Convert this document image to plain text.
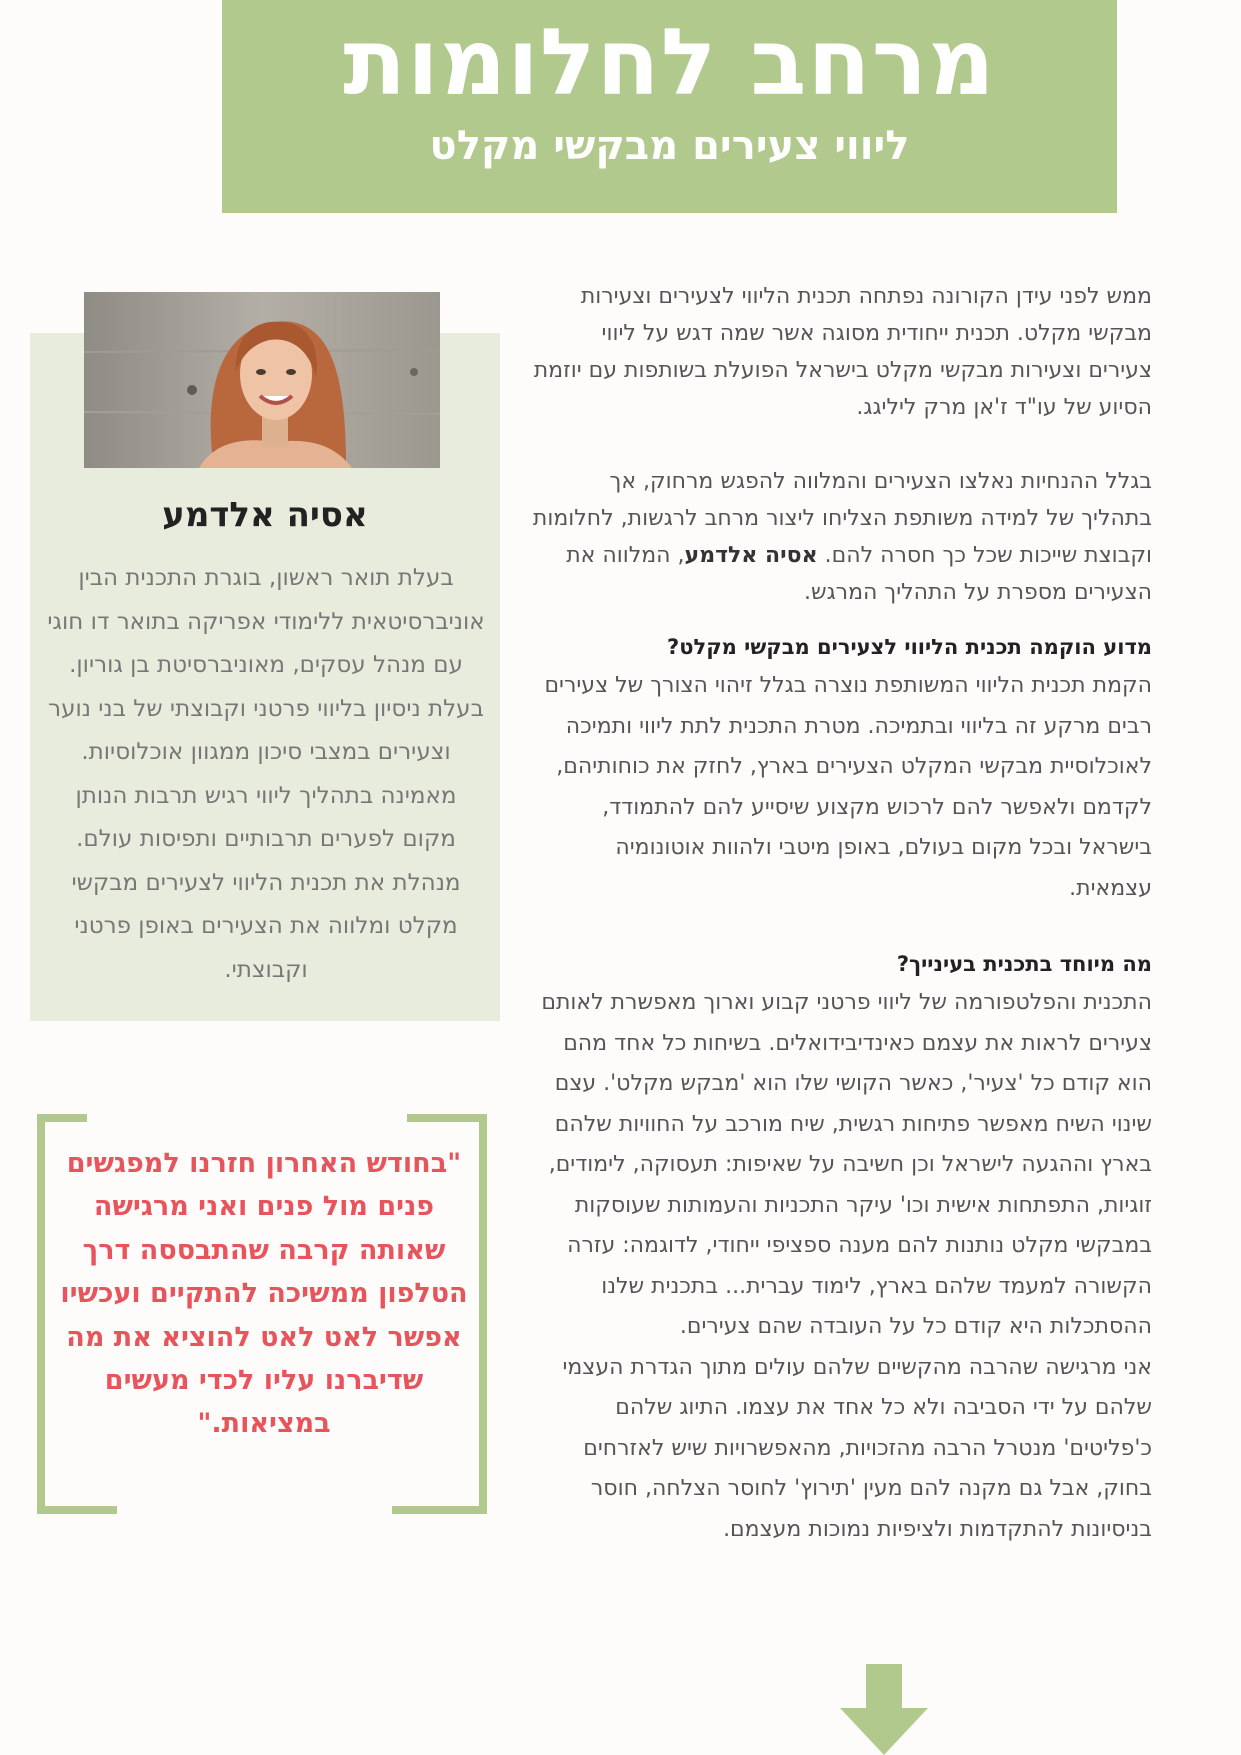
מרחב לחלומות
ליווי צעירים מבקשי מקלט

ממש לפני עידן הקורונה נפתחה תכנית הליווי לצעירים וצעירות מבקשי מקלט. תכנית ייחודית מסוגה אשר שמה דגש על ליווי צעירים וצעירות מבקשי מקלט בישראל הפועלת בשותפות עם יוזמת הסיוע של עו"ד ז'אן מרק ליליגג.

בגלל ההנחיות נאלצו הצעירים והמלווה להפגש מרחוק, אך בתהליך של למידה משותפת הצליחו ליצור מרחב לרגשות, לחלומות וקבוצת שייכות שכל כך חסרה להם. אסיה אלדמע, המלווה את הצעירים מספרת על התהליך המרגש.

מדוע הוקמה תכנית הליווי לצעירים מבקשי מקלט?

הקמת תכנית הליווי המשותפת נוצרה בגלל זיהוי הצורך של צעירים רבים מרקע זה בליווי ובתמיכה. מטרת התכנית לתת ליווי ותמיכה לאוכלוסיית מבקשי המקלט הצעירים בארץ, לחזק את כוחותיהם, לקדמם ולאפשר להם לרכוש מקצוע שיסייע להם להתמודד, בישראל ובכל מקום בעולם, באופן מיטבי ולהוות אוטונומיה עצמאית.

מה מיוחד בתכנית בעינייך?

התכנית והפלטפורמה של ליווי פרטני קבוע וארוך מאפשרת לאותם צעירים לראות את עצמם כאינדיבידואלים. בשיחות כל אחד מהם הוא קודם כל 'צעיר', כאשר הקושי שלו הוא 'מבקש מקלט'. עצם שינוי השיח מאפשר פתיחות רגשית, שיח מורכב על החוויות שלהם בארץ וההגעה לישראל וכן חשיבה על שאיפות: תעסוקה, לימודים, זוגיות, התפתחות אישית וכו' עיקר התכניות והעמותות שעוסקות במבקשי מקלט נותנות להם מענה ספציפי ייחודי, לדוגמה: עזרה הקשורה למעמד שלהם בארץ, לימוד עברית... בתכנית שלנו ההסתכלות היא קודם כל על העובדה שהם צעירים.

אני מרגישה שהרבה מהקשיים שלהם עולים מתוך הגדרת העצמי שלהם על ידי הסביבה ולא כל אחד את עצמו. התיוג שלהם כ'פליטים' מנטרל הרבה מהזכויות, מהאפשרויות שיש לאזרחים בחוק, אבל גם מקנה להם מעין 'תירוץ' לחוסר הצלחה, חוסר בניסיונות להתקדמות ולציפיות נמוכות מעצמם.

אסיה אלדמע

בעלת תואר ראשון, בוגרת התכנית הבין אוניברסיטאית ללימודי אפריקה בתואר דו חוגי עם מנהל עסקים, מאוניברסיטת בן גוריון. בעלת ניסיון בליווי פרטני וקבוצתי של בני נוער וצעירים במצבי סיכון ממגוון אוכלוסיות. מאמינה בתהליך ליווי רגיש תרבות הנותן מקום לפערים תרבותיים ותפיסות עולם. מנהלת את תכנית הליווי לצעירים מבקשי מקלט ומלווה את הצעירים באופן פרטני וקבוצתי.

"בחודש האחרון חזרנו למפגשים פנים מול פנים ואני מרגישה שאותה קרבה שהתבססה דרך הטלפון ממשיכה להתקיים ועכשיו אפשר לאט לאט להוציא את מה שדיברנו עליו לכדי מעשים במציאות."
